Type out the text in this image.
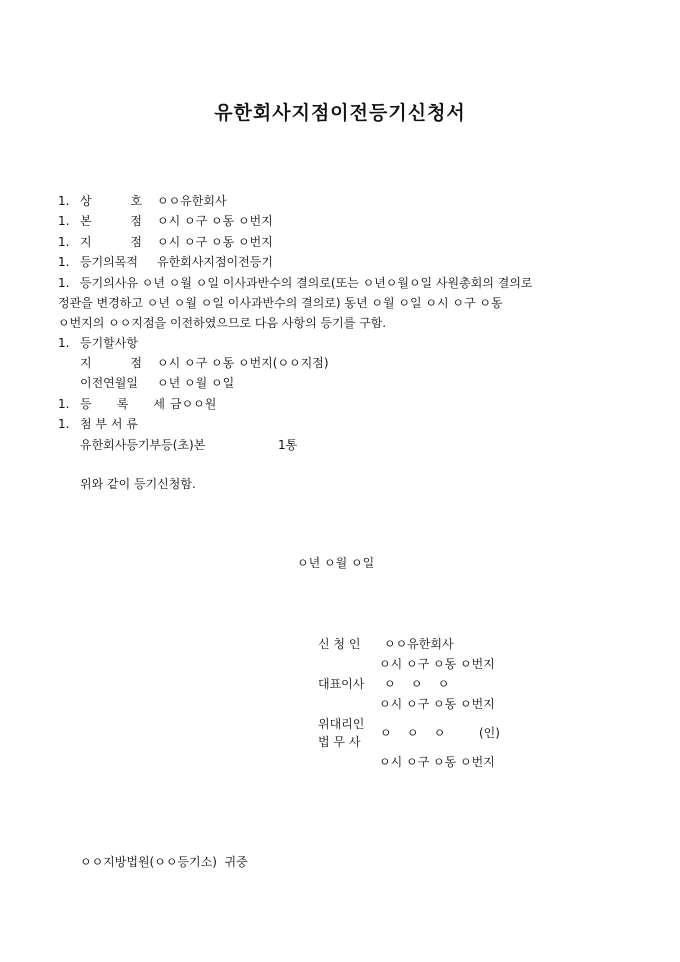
유한회사지점이전등기신청서
1. 상          호 ㅇㅇ유한회사
1. 본          점 ㅇ시 ㅇ구 ㅇ동 ㅇ번지
1. 지          점 ㅇ시 ㅇ구 ㅇ동 ㅇ번지
1. 등기의목적 유한회사지점이전등기
1. 등기의사유 ㅇ년 ㅇ월 ㅇ일 이사과반수의 결의로(또는 ㅇ년ㅇ월ㅇ일 사원총회의 결의로
정관을 변경하고 ㅇ년 ㅇ월 ㅇ일 이사과반수의 결의로) 동년 ㅇ월 ㅇ일 ㅇ시 ㅇ구 ㅇ동
ㅇ번지의 ㅇㅇ지점을 이전하였으므로 다음 사항의 등기를 구함.
1. 등기할사항
지          점 ㅇ시 ㅇ구 ㅇ동 ㅇ번지(ㅇㅇ지점)
이전연월일 ㅇ년 ㅇ월 ㅇ일
1. 등  록  세 금ㅇㅇ원
1. 첨 부 서 류
유한회사등기부등(초)본	1통
위와 같이 등기신청함.
ㅇ년 ㅇ월 ㅇ일
신 청 인 ㅇㅇ유한회사
ㅇ시 ㅇ구 ㅇ동 ㅇ번지
대표이사 ㅇ    ㅇ    ㅇ
ㅇ시 ㅇ구 ㅇ동 ㅇ번지
위대리인
법 무 사
ㅇ    ㅇ    ㅇ	(인)
ㅇ시 ㅇ구 ㅇ동 ㅇ번지
ㅇㅇ지방법원(ㅇㅇ등기소)  귀중
